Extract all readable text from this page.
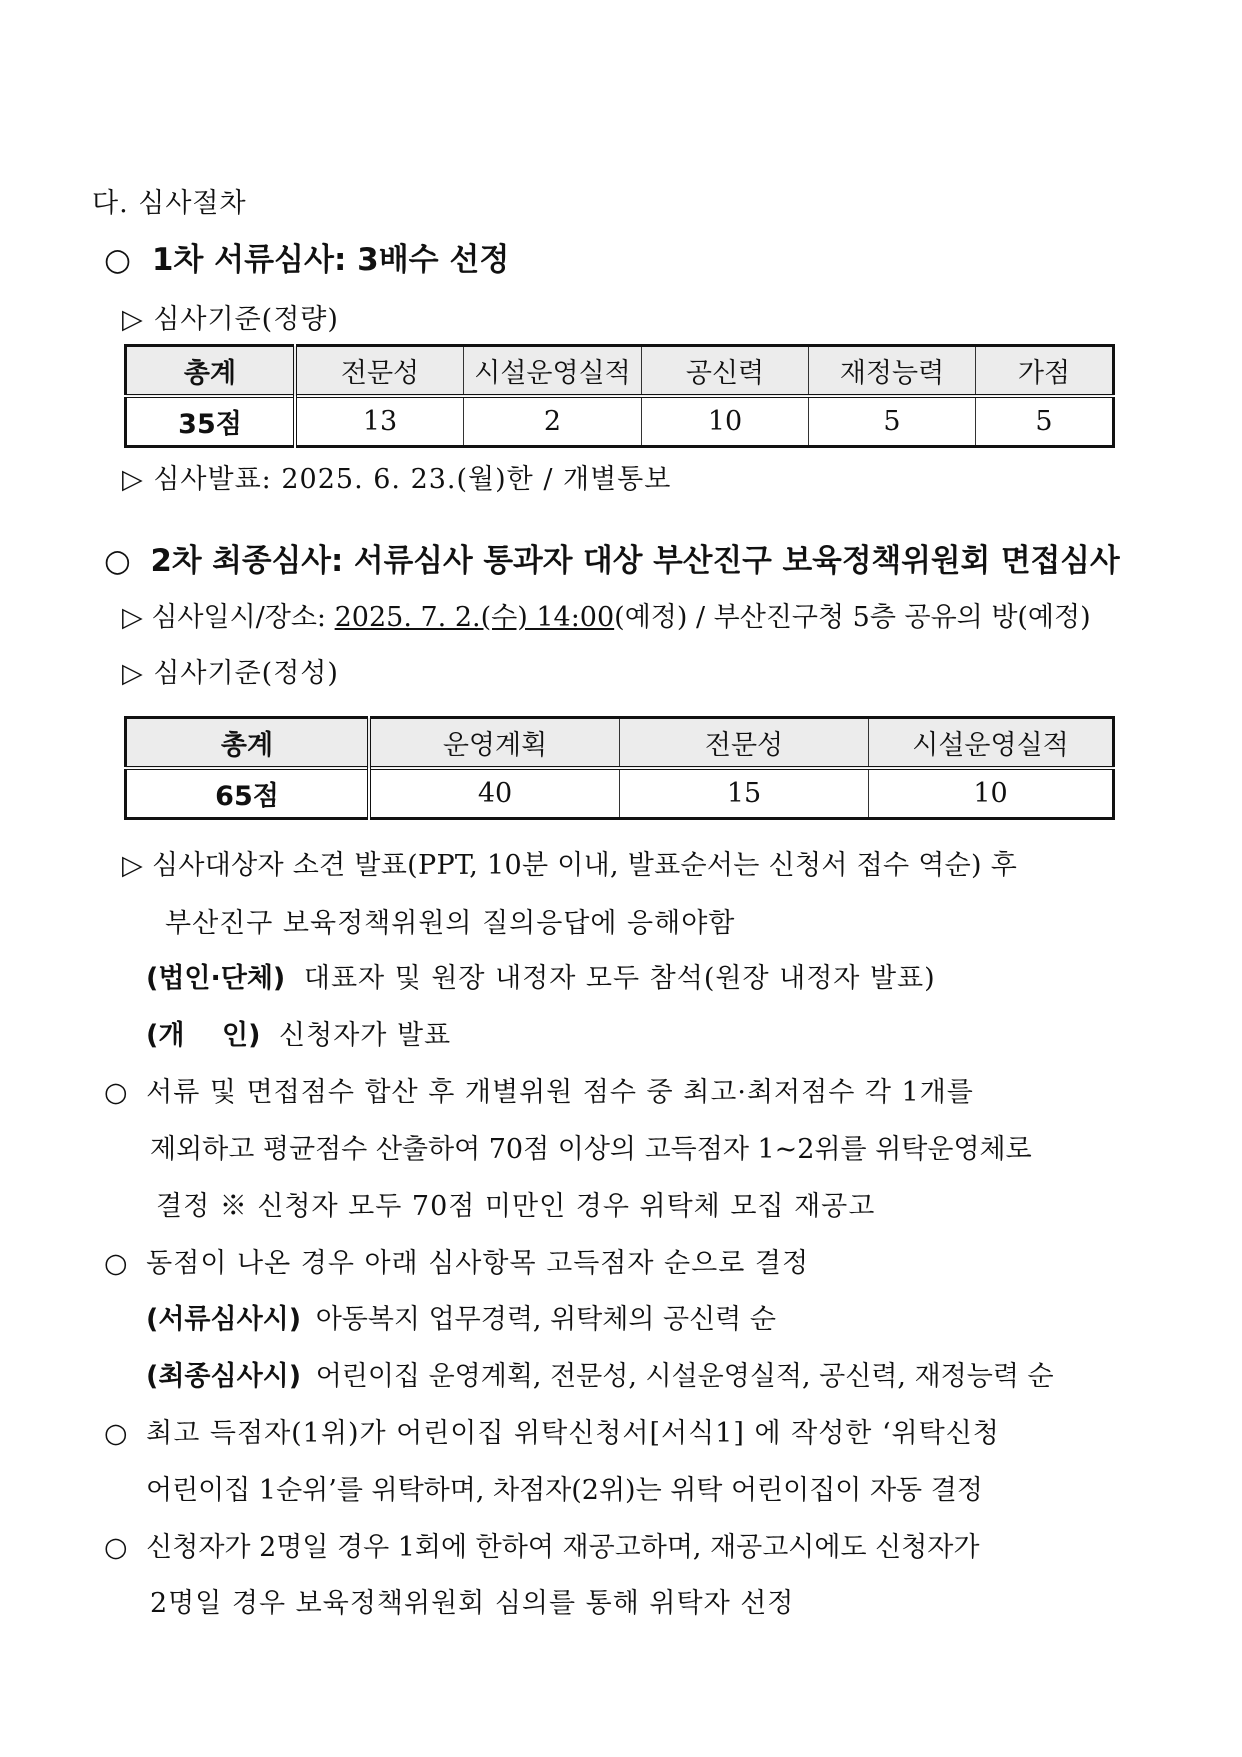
다. 심사절차
○ 1차 서류심사: 3배수 선정
▷ 심사기준(정량)
총계	전문성	시설운영실적	공신력	재정능력	가점
35점	13	2	10	5	5
▷ 심사발표: 2025. 6. 23.(월)한 / 개별통보
○ 2차 최종심사: 서류심사 통과자 대상 부산진구 보육정책위원회 면접심사
▷ 심사일시/장소: 2025. 7. 2.(수) 14:00(예정) / 부산진구청 5층 공유의 방(예정)
▷ 심사기준(정성)
총계	운영계획	전문성	시설운영실적
65점	40	15	10
▷ 심사대상자 소견 발표(PPT, 10분 이내, 발표순서는 신청서 접수 역순) 후
부산진구 보육정책위원의 질의응답에 응해야함
(법인·단체) 대표자 및 원장 내정자 모두 참석(원장 내정자 발표)
(개    인) 신청자가 발표
○ 서류 및 면접점수 합산 후 개별위원 점수 중 최고·최저점수 각 1개를
제외하고 평균점수 산출하여 70점 이상의 고득점자 1~2위를 위탁운영체로
결정 ※ 신청자 모두 70점 미만인 경우 위탁체 모집 재공고
○ 동점이 나온 경우 아래 심사항목 고득점자 순으로 결정
(서류심사시) 아동복지 업무경력, 위탁체의 공신력 순
(최종심사시) 어린이집 운영계획, 전문성, 시설운영실적, 공신력, 재정능력 순
○ 최고 득점자(1위)가 어린이집 위탁신청서[서식1] 에 작성한 ‘위탁신청
어린이집 1순위’를 위탁하며, 차점자(2위)는 위탁 어린이집이 자동 결정
○ 신청자가 2명일 경우 1회에 한하여 재공고하며, 재공고시에도 신청자가
2명일 경우 보육정책위원회 심의를 통해 위탁자 선정
